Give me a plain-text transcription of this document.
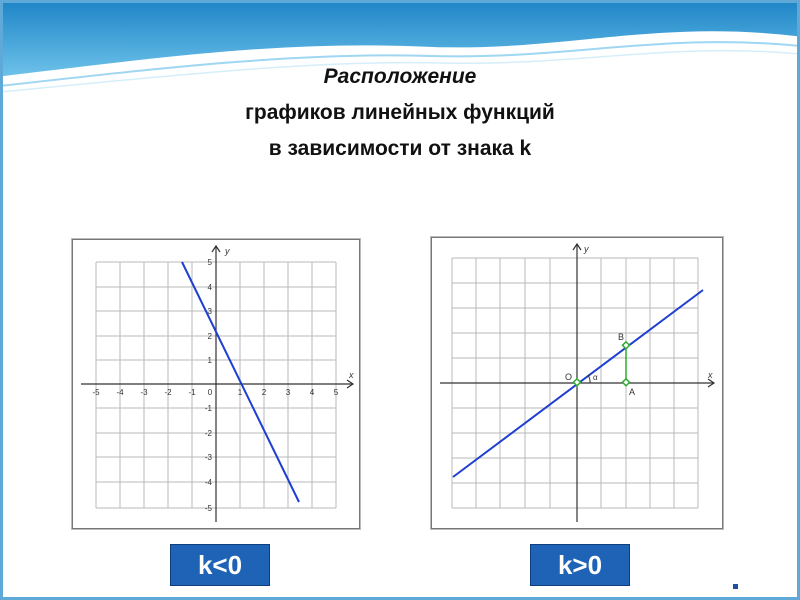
Расположение
графиков линейных функций
в зависимости от знака k
x
y
-5 -4 -3 -2 -1 0	1 2 3 4 5
5
4
3
2
1
-1
-2
-3
-4
-5
x
y
O
B
A
α
k<0	k>0
